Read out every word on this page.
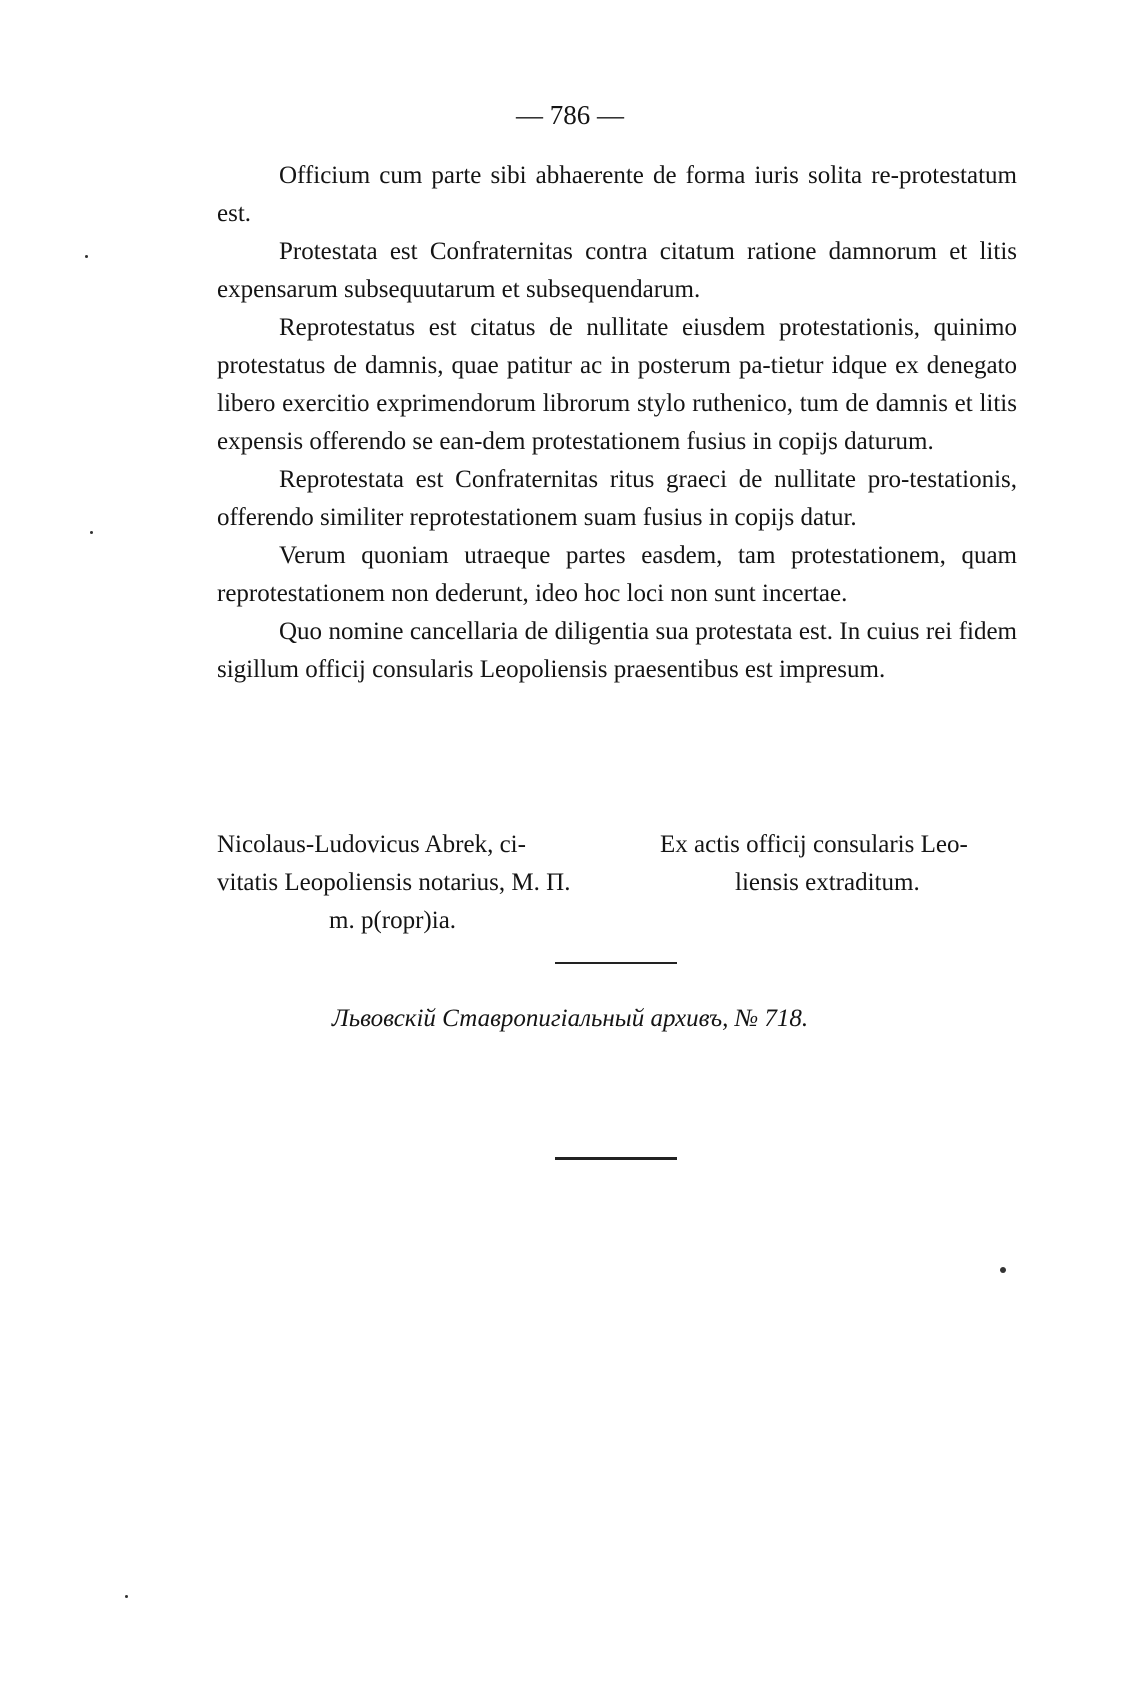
— 786 —

Officium cum parte sibi abhaerente de forma iuris solita re-protestatum est.

Protestata est Confraternitas contra citatum ratione damnorum et litis expensarum subsequutarum et subsequendarum.

Reprotestatus est citatus de nullitate eiusdem protestationis, quinimo protestatus de damnis, quae patitur ac in posterum pa-tietur idque ex denegato libero exercitio exprimendorum librorum stylo ruthenico, tum de damnis et litis expensis offerendo se ean-dem protestationem fusius in copijs daturum.

Reprotestata est Confraternitas ritus graeci de nullitate pro-testationis, offerendo similiter reprotestationem suam fusius in copijs datur.

Verum quoniam utraeque partes easdem, tam protestationem, quam reprotestationem non dederunt, ideo hoc loci non sunt incertae.

Quo nomine cancellaria de diligentia sua protestata est. In cuius rei fidem sigillum officij consularis Leopoliensis praesentibus est impresum.

Nicolaus-Ludovicus Abrek, ci-
vitatis Leopoliensis notarius, M. П.
m. p(ropr)ia.
Ex actis officij consularis Leo-
liensis extraditum.
Львовскій Ставропигіальный архивъ, № 718.
